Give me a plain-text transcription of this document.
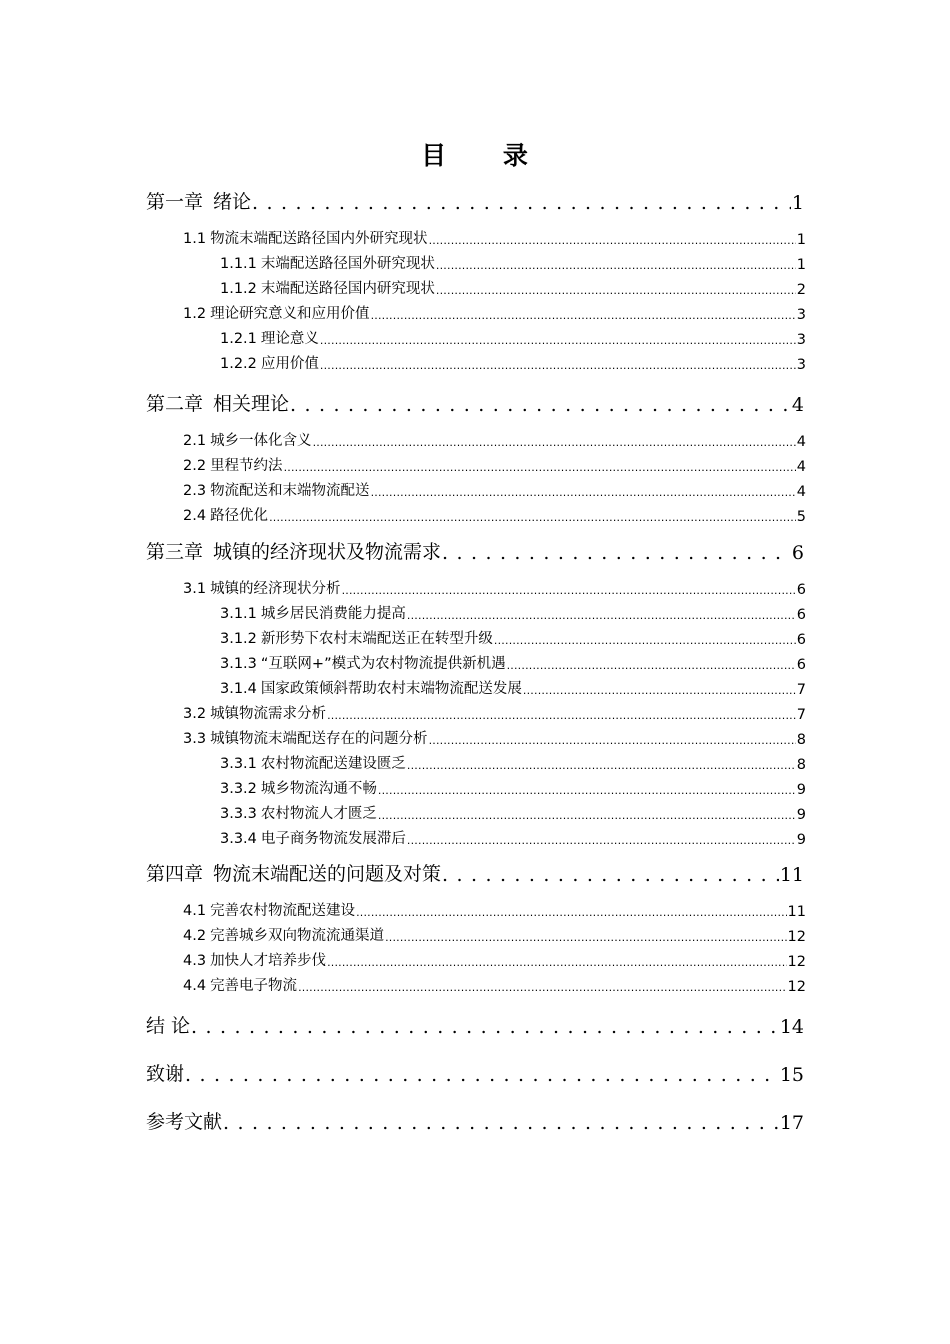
目 录
第一章 绪论 . . .	1
1.1 物流末端配送路径国内外研究现状 .....	1
1.1.1 末端配送路径国外研究现状 .....	1
1.1.2 末端配送路径国内研究现状 .....	2
1.2 理论研究意义和应用价值 .....	3
1.2.1 理论意义 .....	3
1.2.2 应用价值 .....	3
第二章 相关理论 . . .	4
2.1 城乡一体化含义 .....	4
2.2 里程节约法 .....	4
2.3 物流配送和末端物流配送 .....	4
2.4 路径优化 .....	5
第三章 城镇的经济现状及物流需求 . . .	6
3.1 城镇的经济现状分析 .....	6
3.1.1 城乡居民消费能力提高 .....	6
3.1.2 新形势下农村末端配送正在转型升级 .....	6
3.1.3 “互联网+”模式为农村物流提供新机遇 .....	6
3.1.4 国家政策倾斜帮助农村末端物流配送发展 .....	7
3.2 城镇物流需求分析 .....	7
3.3 城镇物流末端配送存在的问题分析 .....	8
3.3.1 农村物流配送建设匮乏 .....	8
3.3.2 城乡物流沟通不畅 .....	9
3.3.3 农村物流人才匮乏 .....	9
3.3.4 电子商务物流发展滞后 .....	9
第四章 物流末端配送的问题及对策 . . .	11
4.1 完善农村物流配送建设 .....	11
4.2 完善城乡双向物流流通渠道 .....	12
4.3 加快人才培养步伐 .....	12
4.4 完善电子物流 .....	12
结 论 . . .	14
致谢 . . .	15
参考文献 . . .	17
